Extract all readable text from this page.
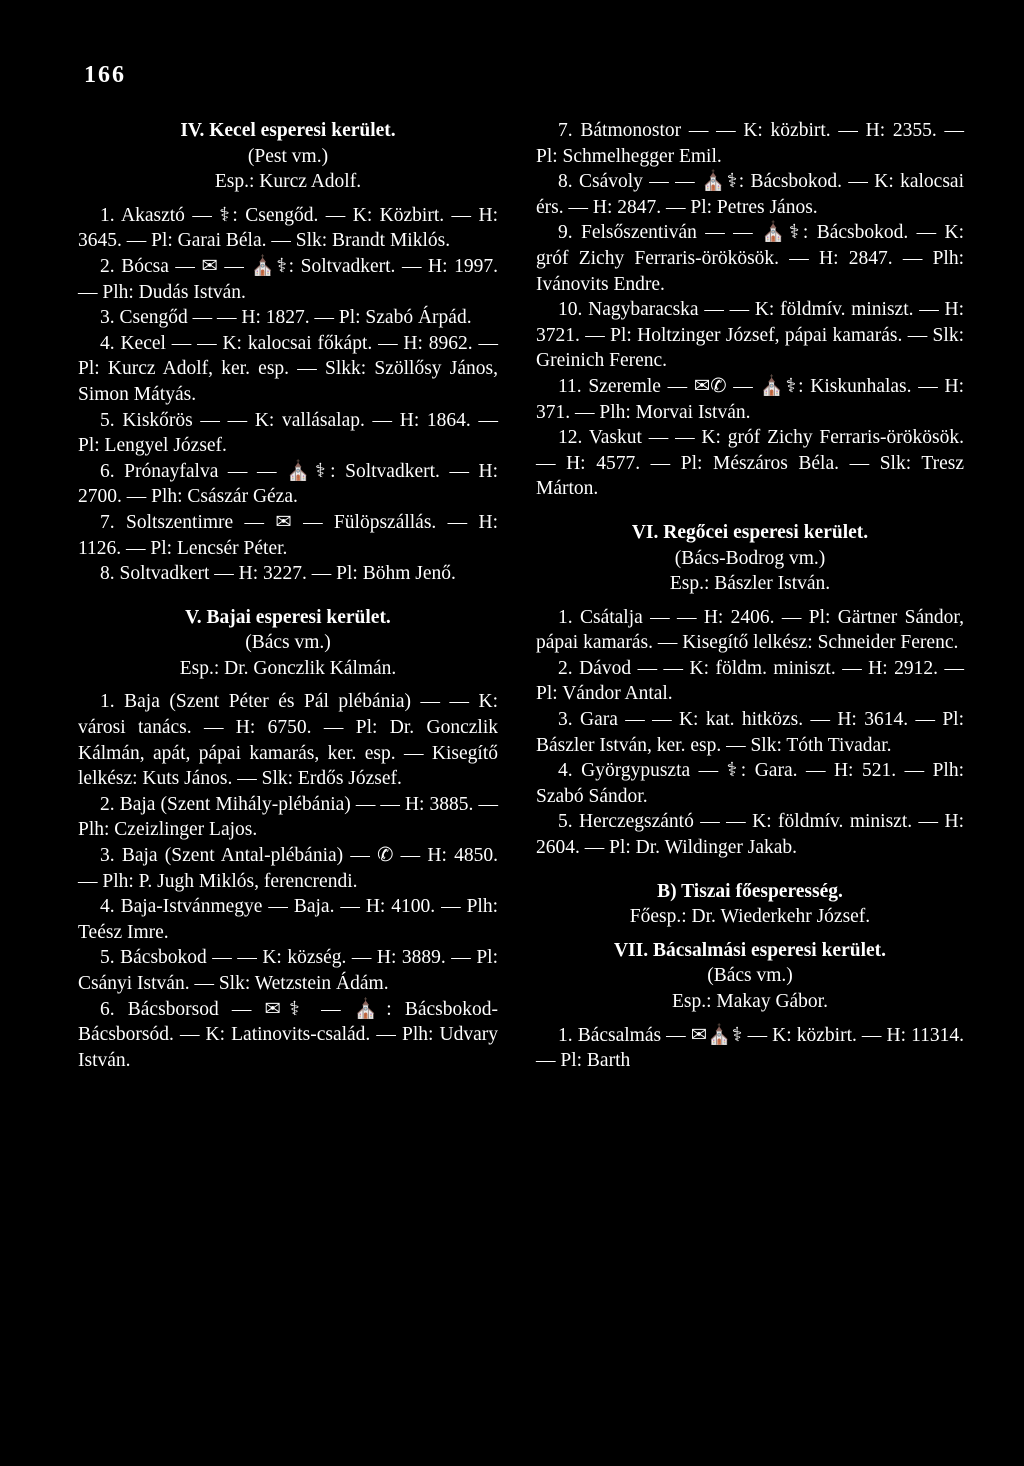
166

IV. Kecel esperesi kerület.

(Pest vm.)

Esp.: Kurcz Adolf.

1. Akasztó — ⚕: Csengőd. — K: Közbirt. — H: 3645. — Pl: Garai Béla. — Slk: Brandt Miklós.

2. Bócsa — ✉ — ⛪⚕: Soltvadkert. — H: 1997. — Plh: Dudás István.

3. Csengőd — — H: 1827. — Pl: Szabó Árpád.

4. Kecel — — K: kalocsai főkápt. — H: 8962. — Pl: Kurcz Adolf, ker. esp. — Slkk: Szöllősy János, Simon Mátyás.

5. Kiskőrös — — K: vallásalap. — H: 1864. — Pl: Lengyel József.

6. Prónayfalva — — ⛪⚕: Soltvadkert. — H: 2700. — Plh: Császár Géza.

7. Soltszentimre — ✉ — Fülöpszállás. — H: 1126. — Pl: Lencsér Péter.

8. Soltvadkert — H: 3227. — Pl: Böhm Jenő.

V. Bajai esperesi kerület.

(Bács vm.)

Esp.: Dr. Gonczlik Kálmán.

1. Baja (Szent Péter és Pál plébánia) — — K: városi tanács. — H: 6750. — Pl: Dr. Gonczlik Kálmán, apát, pápai kamarás, ker. esp. — Kisegítő lelkész: Kuts János. — Slk: Erdős József.

2. Baja (Szent Mihály-plébánia) — — H: 3885. — Plh: Czeizlinger Lajos.

3. Baja (Szent Antal-plébánia) — ✆ — H: 4850. — Plh: P. Jugh Miklós, ferencrendi.

4. Baja-Istvánmegye — Baja. — H: 4100. — Plh: Teész Imre.

5. Bácsbokod — — K: község. — H: 3889. — Pl: Csányi István. — Slk: Wetzstein Ádám.

6. Bácsborsod — ✉⚕ — ⛪: Bácsbokod-Bácsborsód. — K: Latinovits-család. — Plh: Udvary István.

7. Bátmonostor — — K: közbirt. — H: 2355. — Pl: Schmelhegger Emil.

8. Csávoly — — ⛪⚕: Bácsbokod. — K: kalocsai érs. — H: 2847. — Pl: Petres János.

9. Felsőszentiván — — ⛪⚕: Bácsbokod. — K: gróf Zichy Ferraris-örökösök. — H: 2847. — Plh: Ivánovits Endre.

10. Nagybaracska — — K: földmív. miniszt. — H: 3721. — Pl: Holtzinger József, pápai kamarás. — Slk: Greinich Ferenc.

11. Szeremle — ✉✆ — ⛪⚕: Kiskunhalas. — H: 371. — Plh: Morvai István.

12. Vaskut — — K: gróf Zichy Ferraris-örökösök. — H: 4577. — Pl: Mészáros Béla. — Slk: Tresz Márton.

VI. Regőcei esperesi kerület.

(Bács-Bodrog vm.)

Esp.: Bászler István.

1. Csátalja — — H: 2406. — Pl: Gärtner Sándor, pápai kamarás. — Kisegítő lelkész: Schneider Ferenc.

2. Dávod — — K: földm. miniszt. — H: 2912. — Pl: Vándor Antal.

3. Gara — — K: kat. hitközs. — H: 3614. — Pl: Bászler István, ker. esp. — Slk: Tóth Tivadar.

4. Györgypuszta — ⚕: Gara. — H: 521. — Plh: Szabó Sándor.

5. Herczegszántó — — K: földmív. miniszt. — H: 2604. — Pl: Dr. Wildinger Jakab.

B) Tiszai főesperesség.

Főesp.: Dr. Wiederkehr József.

VII. Bácsalmási esperesi kerület.

(Bács vm.)

Esp.: Makay Gábor.

1. Bácsalmás — ✉⛪⚕ — K: közbirt. — H: 11314. — Pl: Barth
